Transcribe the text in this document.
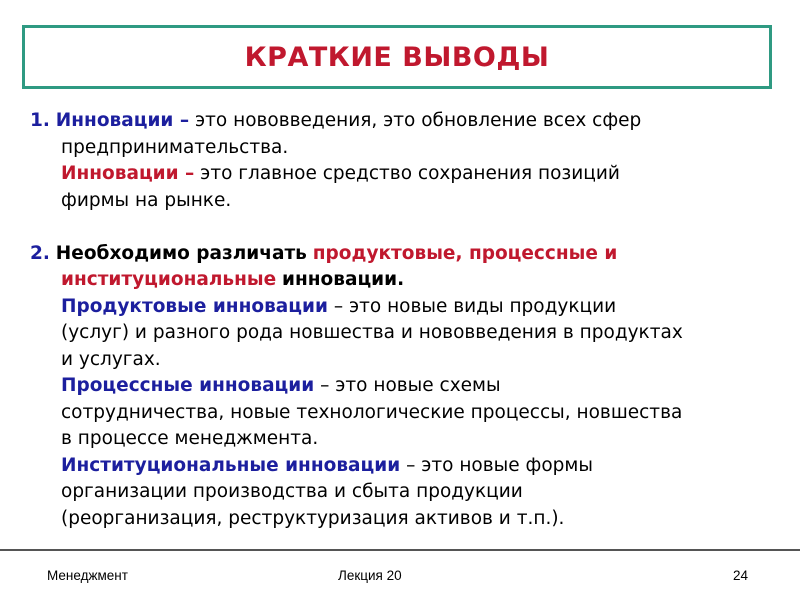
КРАТКИЕ ВЫВОДЫ
1. Инновации – это нововведения, это обновление всех сфер
предпринимательства.
Инновации – это главное средство сохранения позиций
фирмы на рынке.
2. Необходимо различать продуктовые, процессные и
институциональные инновации.
Продуктовые инновации – это новые виды продукции
(услуг) и разного рода новшества и нововведения в продуктах
и услугах.
Процессные инновации – это новые схемы
сотрудничества, новые технологические процессы, новшества
в процессе менеджмента.
Институциональные инновации – это новые формы
организации производства и сбыта продукции
(реорганизация, реструктуризация активов и т.п.).
Менеджмент	Лекция 20	24
